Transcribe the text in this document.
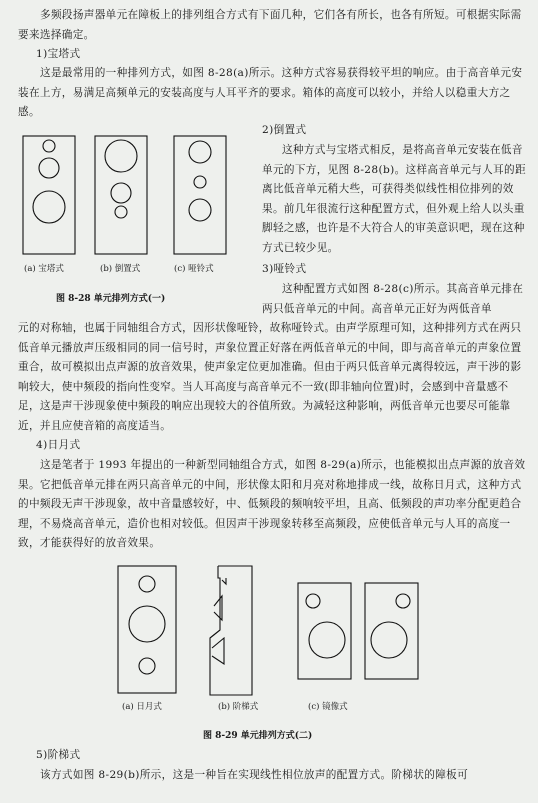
多频段扬声器单元在障板上的排列组合方式有下面几种，它们各有所长，也各有所短。可根据实际需要来选择确定。

1)宝塔式

这是最常用的一种排列方式，如图 8-28(a)所示。这种方式容易获得较平坦的响应。由于高音单元安装在上方，易满足高频单元的安装高度与人耳平齐的要求。箱体的高度可以较小，并给人以稳重大方之感。

2)倒置式

这种方式与宝塔式相反，是将高音单元安装在低音单元的下方，见图 8-28(b)。这样高音单元与人耳的距离比低音单元稍大些，可获得类似线性相位排列的效果。前几年很流行这种配置方式，但外观上给人以头重脚轻之感，也许是不大符合人的审美意识吧，现在这种方式已较少见。

3)哑铃式

这种配置方式如图 8-28(c)所示。其高音单元排在两只低音单元的中间。高音单元正好为两低音单

元的对称轴，也属于同轴组合方式，因形状像哑铃，故称哑铃式。由声学原理可知，这种排列方式在两只低音单元播放声压级相同的同一信号时，声象位置正好落在两低音单元的中间，即与高音单元的声象位置重合，故可模拟出点声源的放音效果，使声象定位更加准确。但由于两只低音单元离得较远，声干涉的影响较大，使中频段的指向性变窄。当人耳高度与高音单元不一致(即非轴向位置)时，会感到中音量感不足，这是声干涉现象使中频段的响应出现较大的谷值所致。为减轻这种影响，两低音单元也要尽可能靠近，并且应使音箱的高度适当。

4)日月式

这是笔者于 1993 年提出的一种新型同轴组合方式，如图 8-29(a)所示，也能模拟出点声源的放音效果。它把低音单元排在两只高音单元的中间，形状像太阳和月亮对称地排成一线，故称日月式，这种方式的中频段无声干涉现象，故中音量感较好，中、低频段的频响较平坦，且高、低频段的声功率分配更趋合理，不易烧高音单元，造价也相对较低。但因声干涉现象转移至高频段，应使低音单元与人耳的高度一致，才能获得好的放音效果。

5)阶梯式

该方式如图 8-29(b)所示，这是一种旨在实现线性相位放声的配置方式。阶梯状的障板可

(a) 宝塔式	(b) 倒置式	(c) 哑铃式
图 8-28 单元排列方式(一)
(a) 日月式	(b) 阶梯式	(c) 镜像式
图 8-29 单元排列方式(二)
